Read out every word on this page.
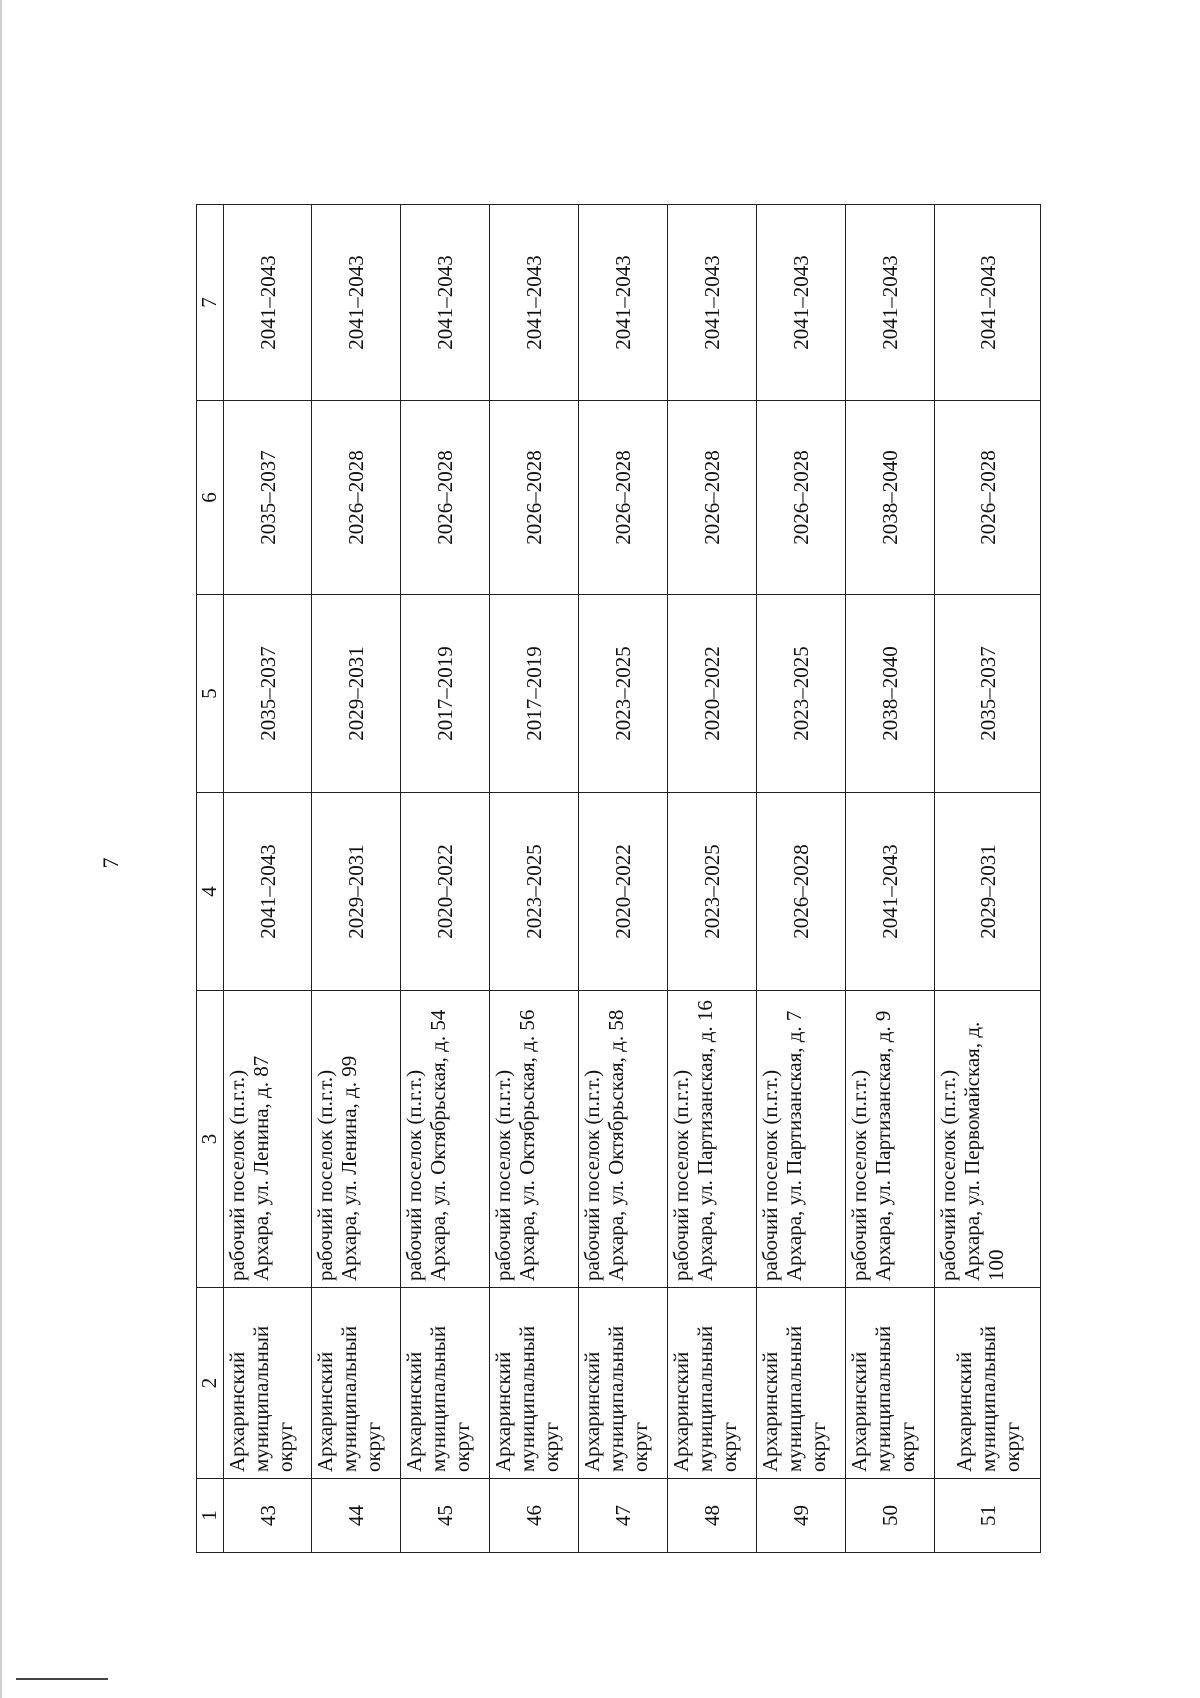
7
1	2	3	4	5	6	7
43	Архаринский муниципальный округ	рабочий поселок (п.г.т.) Архара, ул. Ленина, д. 87	2041–2043	2035–2037	2035–2037	2041–2043
44	Архаринский муниципальный округ	рабочий поселок (п.г.т.) Архара, ул. Ленина, д. 99	2029–2031	2029–2031	2026–2028	2041–2043
45	Архаринский муниципальный округ	рабочий поселок (п.г.т.) Архара, ул. Октябрьская, д. 54	2020–2022	2017–2019	2026–2028	2041–2043
46	Архаринский муниципальный округ	рабочий поселок (п.г.т.) Архара, ул. Октябрьская, д. 56	2023–2025	2017–2019	2026–2028	2041–2043
47	Архаринский муниципальный округ	рабочий поселок (п.г.т.) Архара, ул. Октябрьская, д. 58	2020–2022	2023–2025	2026–2028	2041–2043
48	Архаринский муниципальный округ	рабочий поселок (п.г.т.) Архара, ул. Партизанская, д. 16	2023–2025	2020–2022	2026–2028	2041–2043
49	Архаринский муниципальный округ	рабочий поселок (п.г.т.) Архара, ул. Партизанская, д. 7	2026–2028	2023–2025	2026–2028	2041–2043
50	Архаринский муниципальный округ	рабочий поселок (п.г.т.) Архара, ул. Партизанская, д. 9	2041–2043	2038–2040	2038–2040	2041–2043
51	Архаринский муниципальный округ	рабочий поселок (п.г.т.) Архара, ул. Первомайская, д. 100	2029–2031	2035–2037	2026–2028	2041–2043
